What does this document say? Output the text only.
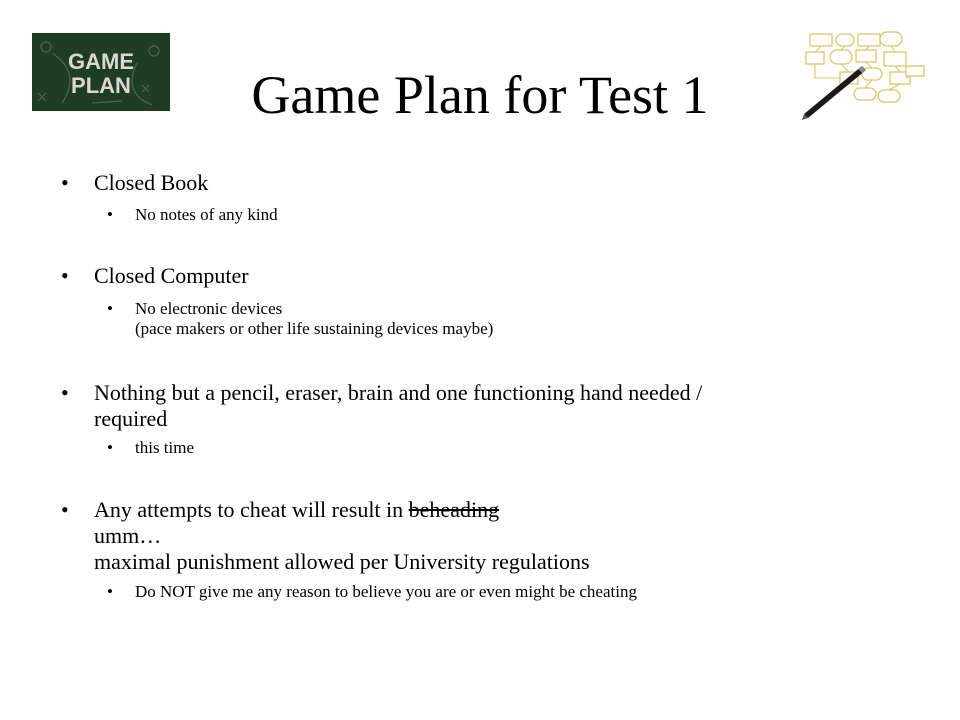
GAME
PLAN	Game Plan for Test 1

• Closed Book

• No notes of any kind

• Closed Computer

• No electronic devices
(pace makers or other life sustaining devices maybe)

• Nothing but a pencil, eraser, brain and one functioning hand needed /
required

• this time

• Any attempts to cheat will result in beheading
umm…
maximal punishment allowed per University regulations

• Do NOT give me any reason to believe you are or even might be cheating
